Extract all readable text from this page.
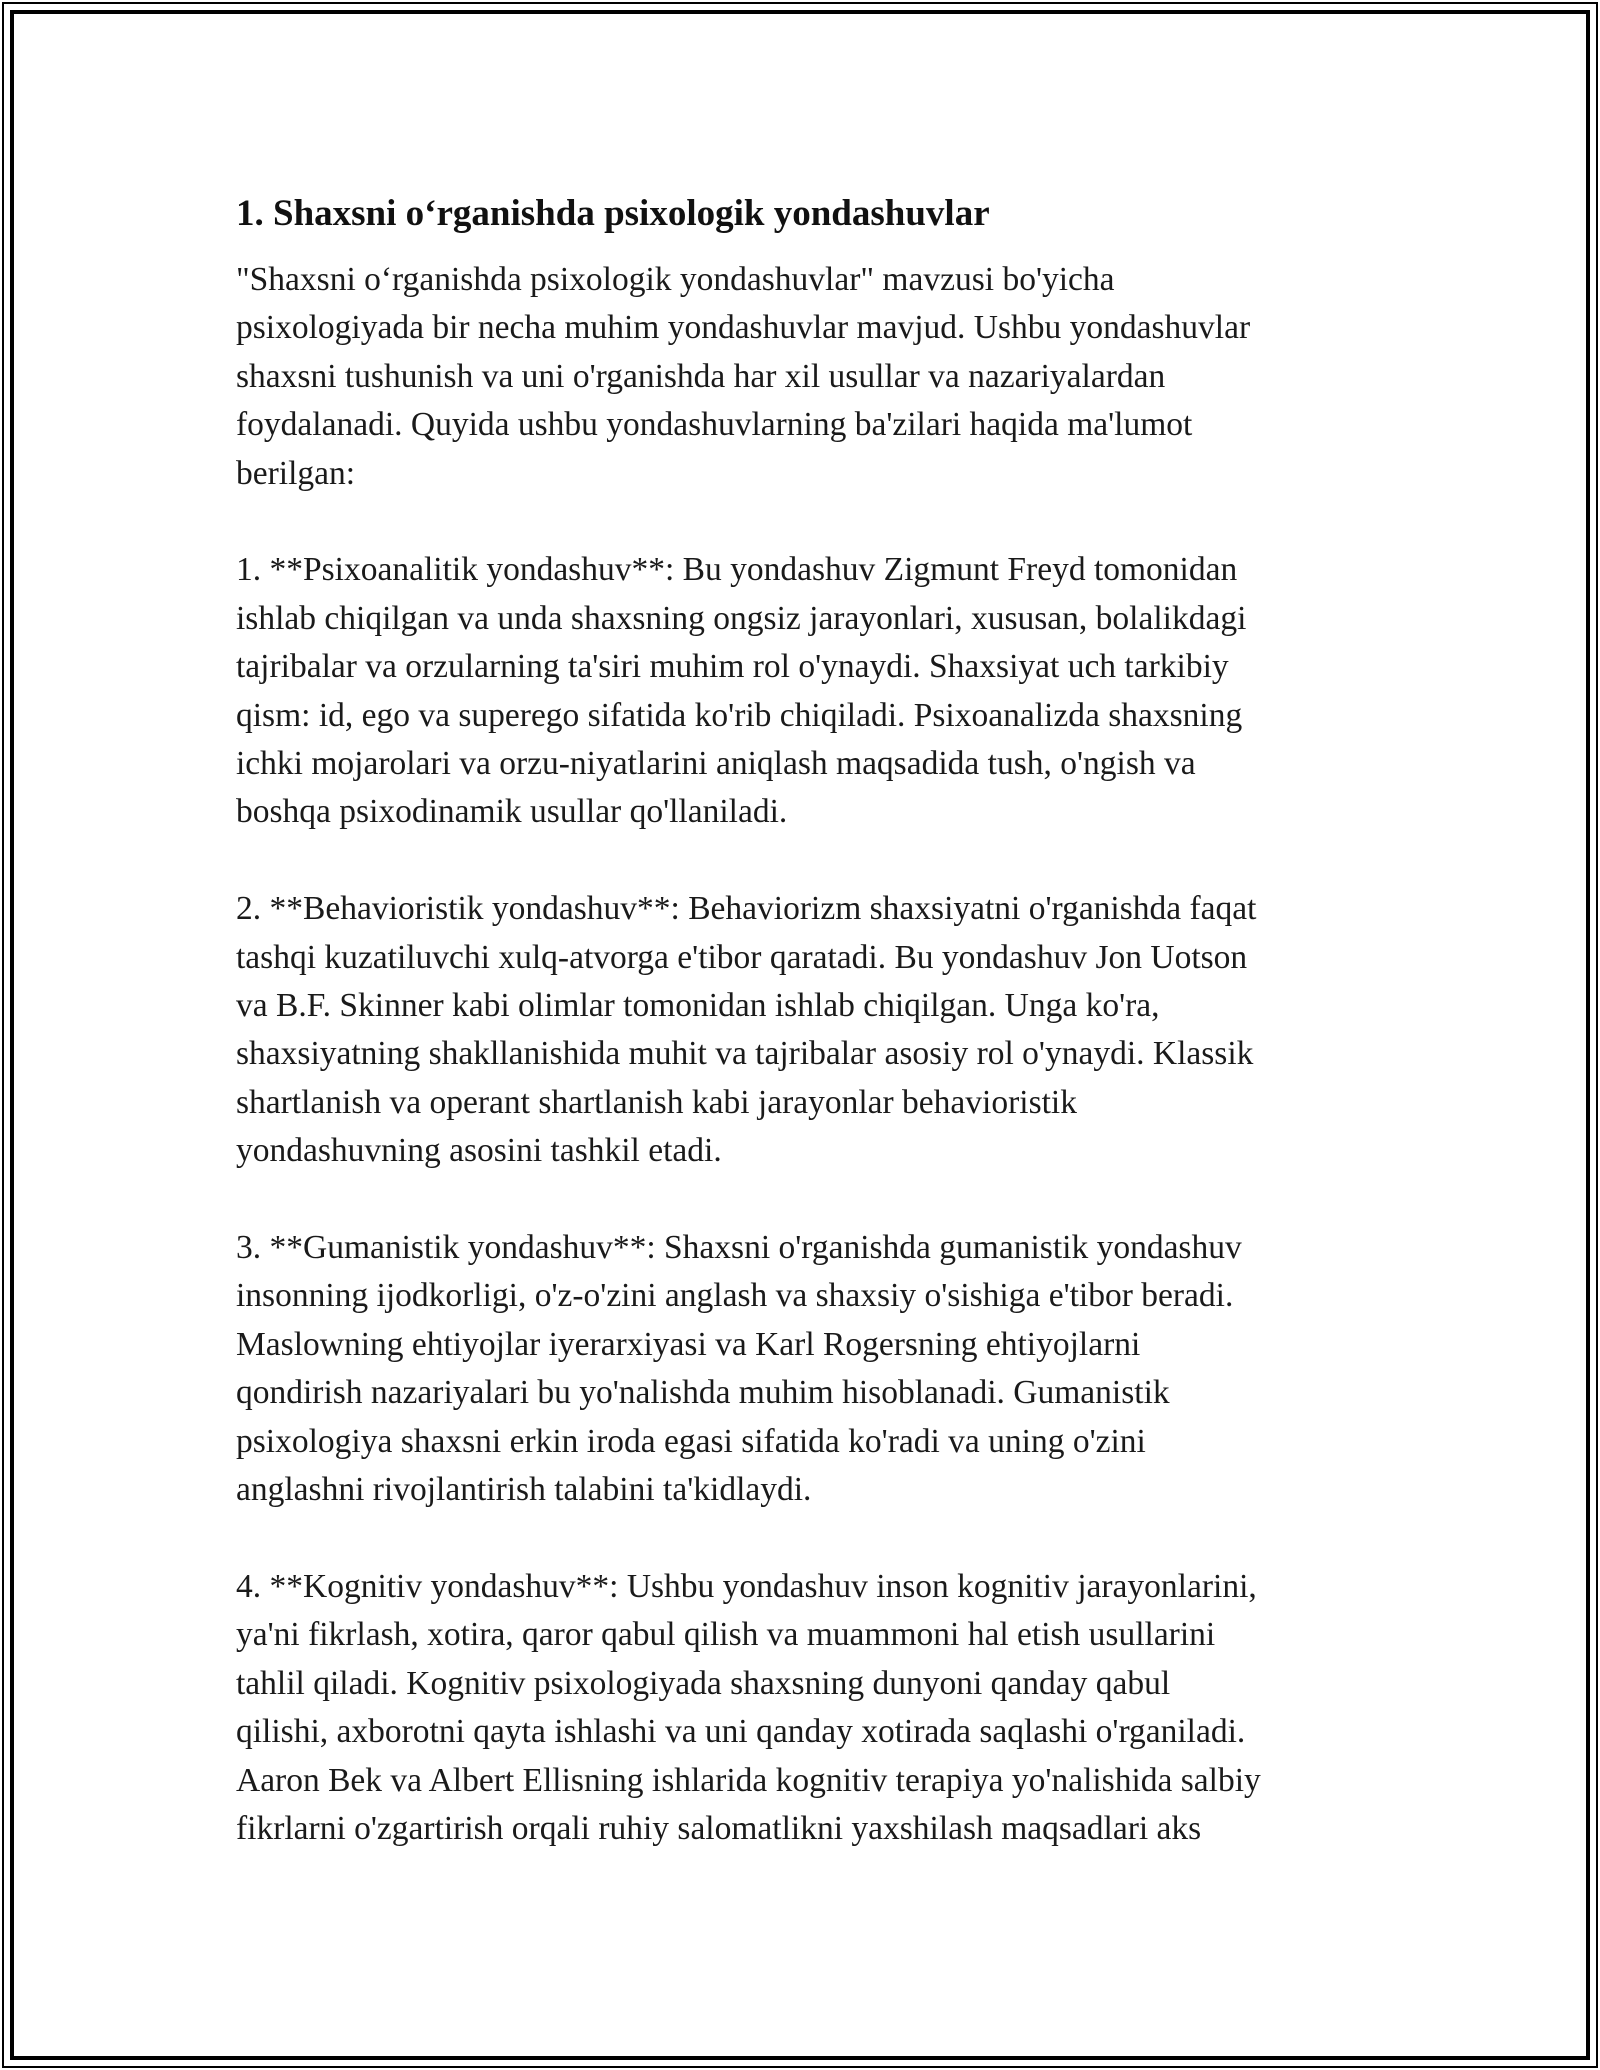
1. Shaxsni o‘rganishda psixologik yondashuvlar

"Shaxsni o‘rganishda psixologik yondashuvlar" mavzusi bo'yicha
psixologiyada bir necha muhim yondashuvlar mavjud. Ushbu yondashuvlar
shaxsni tushunish va uni o'rganishda har xil usullar va nazariyalardan
foydalanadi. Quyida ushbu yondashuvlarning ba'zilari haqida ma'lumot
berilgan:

1. **Psixoanalitik yondashuv**: Bu yondashuv Zigmunt Freyd tomonidan
ishlab chiqilgan va unda shaxsning ongsiz jarayonlari, xususan, bolalikdagi
tajribalar va orzularning ta'siri muhim rol o'ynaydi. Shaxsiyat uch tarkibiy
qism: id, ego va superego sifatida ko'rib chiqiladi. Psixoanalizda shaxsning
ichki mojarolari va orzu-niyatlarini aniqlash maqsadida tush, o'ngish va
boshqa psixodinamik usullar qo'llaniladi.

2. **Behavioristik yondashuv**: Behaviorizm shaxsiyatni o'rganishda faqat
tashqi kuzatiluvchi xulq-atvorga e'tibor qaratadi. Bu yondashuv Jon Uotson
va B.F. Skinner kabi olimlar tomonidan ishlab chiqilgan. Unga ko'ra,
shaxsiyatning shakllanishida muhit va tajribalar asosiy rol o'ynaydi. Klassik
shartlanish va operant shartlanish kabi jarayonlar behavioristik
yondashuvning asosini tashkil etadi.

3. **Gumanistik yondashuv**: Shaxsni o'rganishda gumanistik yondashuv
insonning ijodkorligi, o'z-o'zini anglash va shaxsiy o'sishiga e'tibor beradi.
Maslowning ehtiyojlar iyerarxiyasi va Karl Rogersning ehtiyojlarni
qondirish nazariyalari bu yo'nalishda muhim hisoblanadi. Gumanistik
psixologiya shaxsni erkin iroda egasi sifatida ko'radi va uning o'zini
anglashni rivojlantirish talabini ta'kidlaydi.

4. **Kognitiv yondashuv**: Ushbu yondashuv inson kognitiv jarayonlarini,
ya'ni fikrlash, xotira, qaror qabul qilish va muammoni hal etish usullarini
tahlil qiladi. Kognitiv psixologiyada shaxsning dunyoni qanday qabul
qilishi, axborotni qayta ishlashi va uni qanday xotirada saqlashi o'rganiladi.
Aaron Bek va Albert Ellisning ishlarida kognitiv terapiya yo'nalishida salbiy
fikrlarni o'zgartirish orqali ruhiy salomatlikni yaxshilash maqsadlari aks
